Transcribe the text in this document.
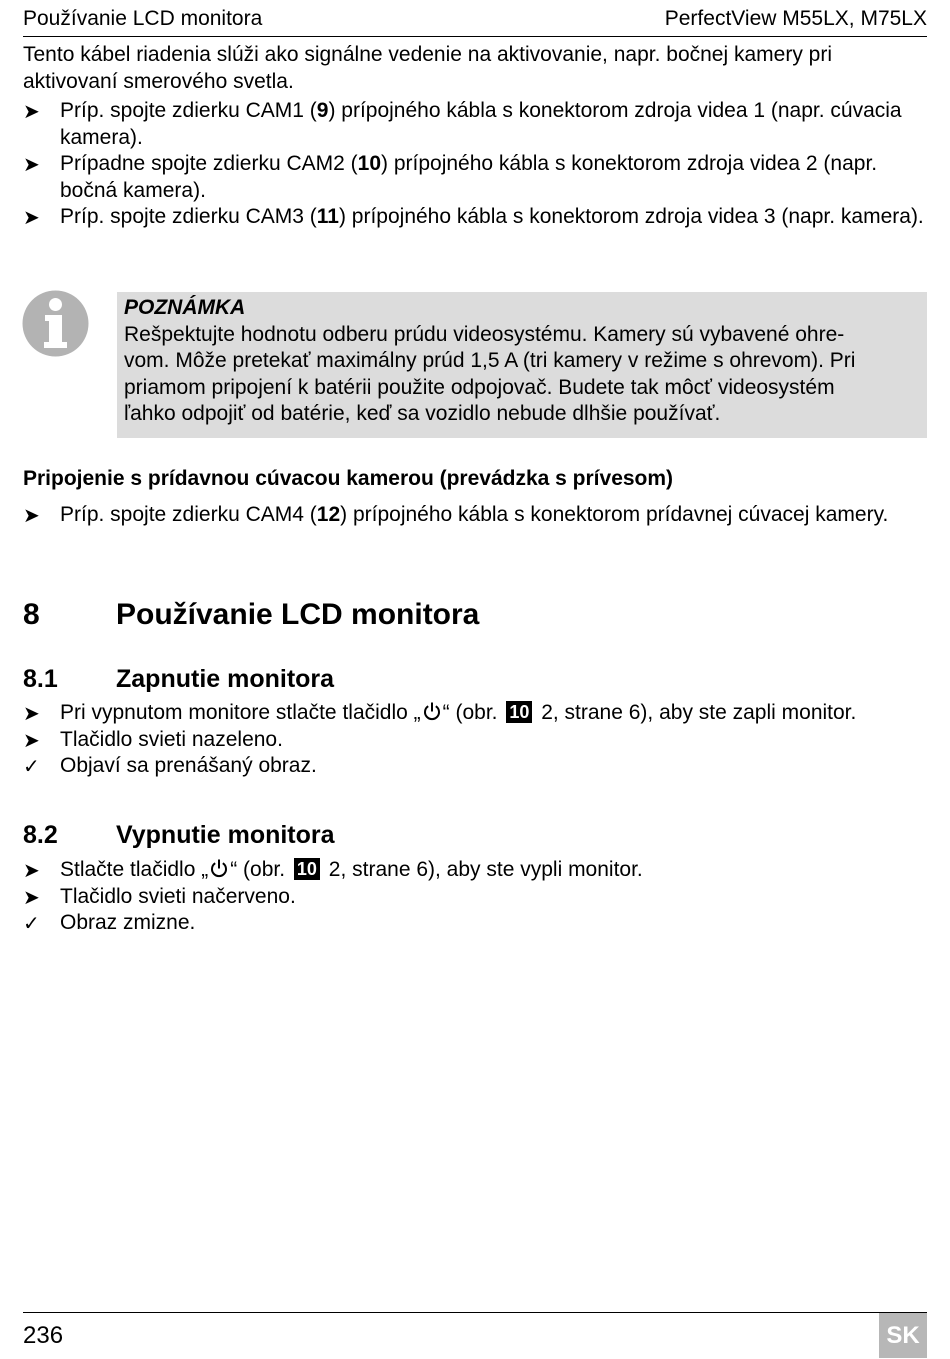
Používanie LCD monitora	PerfectView M55LX, M75LX

Tento kábel riadenia slúži ako signálne vedenie na aktivovanie, napr. bočnej kamery pri aktivovaní smerového svetla.

➤ Príp. spojte zdierku CAM1 (9) prípojného kábla s konektorom zdroja videa 1 (napr. cúvacia kamera).
➤ Prípadne spojte zdierku CAM2 (10) prípojného kábla s konektorom zdroja videa 2 (napr. bočná kamera).
➤ Príp. spojte zdierku CAM3 (11) prípojného kábla s konektorom zdroja videa 3 (napr. kamera).
POZNÁMKA
Rešpektujte hodnotu odberu prúdu videosystému. Kamery sú vybavené ohre-
vom. Môže pretekať maximálny prúd 1,5 A (tri kamery v režime s ohrevom). Pri
priamom pripojení k batérii použite odpojovač. Budete tak môcť videosystém
ľahko odpojiť od batérie, keď sa vozidlo nebude dlhšie používať.
Pripojenie s prídavnou cúvacou kamerou (prevádzka s prívesom)
➤ Príp. spojte zdierku CAM4 (12) prípojného kábla s konektorom prídavnej cúvacej kamery.
8	Používanie LCD monitora
8.1 Zapnutie monitora
➤ Pri vypnutom monitore stlačte tlačidlo „ “ (obr. 10 2, strane 6), aby ste zapli monitor.
➤ Tlačidlo svieti nazeleno.
✓ Objaví sa prenášaný obraz.
8.2 Vypnutie monitora
➤ Stlačte tlačidlo „ “ (obr. 10 2, strane 6), aby ste vypli monitor.
➤ Tlačidlo svieti načerveno.
✓ Obraz zmizne.
236	SK
